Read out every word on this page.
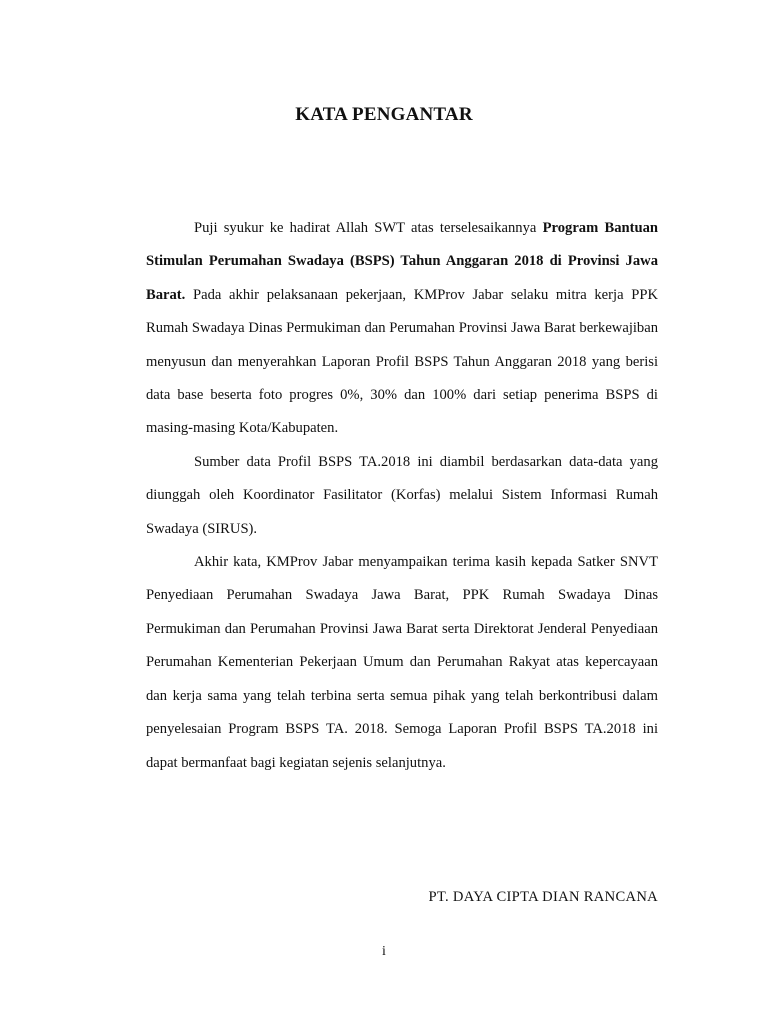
KATA PENGANTAR

Puji syukur ke hadirat Allah SWT atas terselesaikannya Program Bantuan Stimulan Perumahan Swadaya (BSPS) Tahun Anggaran 2018 di Provinsi Jawa Barat. Pada akhir pelaksanaan pekerjaan, KMProv Jabar selaku mitra kerja PPK Rumah Swadaya Dinas Permukiman dan Perumahan Provinsi Jawa Barat berkewajiban menyusun dan menyerahkan Laporan Profil BSPS Tahun Anggaran 2018 yang berisi data base beserta foto progres 0%, 30% dan 100% dari setiap penerima BSPS di masing-masing Kota/Kabupaten.

Sumber data Profil BSPS TA.2018 ini diambil berdasarkan data-data yang diunggah oleh Koordinator Fasilitator (Korfas) melalui Sistem Informasi Rumah Swadaya (SIRUS).

Akhir kata, KMProv Jabar menyampaikan terima kasih kepada Satker SNVT Penyediaan Perumahan Swadaya Jawa Barat, PPK Rumah Swadaya Dinas Permukiman dan Perumahan Provinsi Jawa Barat serta Direktorat Jenderal Penyediaan Perumahan Kementerian Pekerjaan Umum dan Perumahan Rakyat atas kepercayaan dan kerja sama yang telah terbina serta semua pihak yang telah berkontribusi dalam penyelesaian Program BSPS TA. 2018. Semoga Laporan Profil BSPS TA.2018 ini dapat bermanfaat bagi kegiatan sejenis selanjutnya.

PT. DAYA CIPTA DIAN RANCANA
i
